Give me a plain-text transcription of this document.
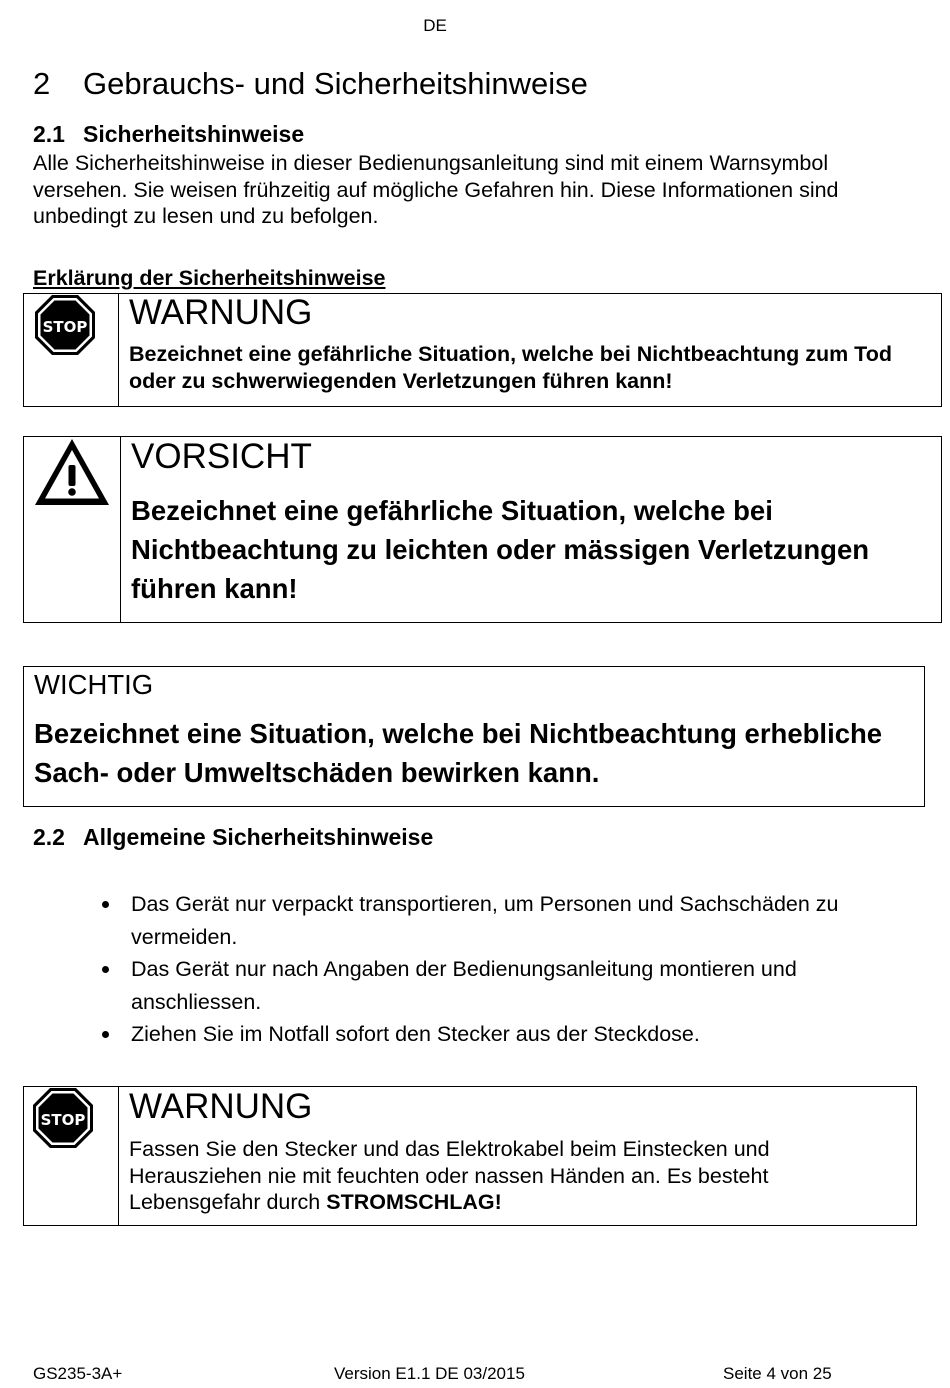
DE
2 Gebrauchs- und Sicherheitshinweise
2.1 Sicherheitshinweise
Alle Sicherheitshinweise in dieser Bedienungsanleitung sind mit einem Warnsymbol versehen. Sie weisen frühzeitig auf mögliche Gefahren hin. Diese Informationen sind unbedingt zu lesen und zu befolgen.
Erklärung der Sicherheitshinweise
STOP WARNUNG
Bezeichnet eine gefährliche Situation, welche bei Nichtbeachtung zum Tod oder zu schwerwiegenden Verletzungen führen kann!
VORSICHT
Bezeichnet eine gefährliche Situation, welche bei Nichtbeachtung zu leichten oder mässigen Verletzungen führen kann!
WICHTIG
Bezeichnet eine Situation, welche bei Nichtbeachtung erhebliche Sach- oder Umweltschäden bewirken kann.
2.2 Allgemeine Sicherheitshinweise
Das Gerät nur verpackt transportieren, um Personen und Sachschäden zu vermeiden.
Das Gerät nur nach Angaben der Bedienungsanleitung montieren und anschliessen.
Ziehen Sie im Notfall sofort den Stecker aus der Steckdose.
STOP WARNUNG
Fassen Sie den Stecker und das Elektrokabel beim Einstecken und Herausziehen nie mit feuchten oder nassen Händen an. Es besteht Lebensgefahr durch STROMSCHLAG!
GS235-3A+	Version E1.1 DE 03/2015	Seite 4 von 25
